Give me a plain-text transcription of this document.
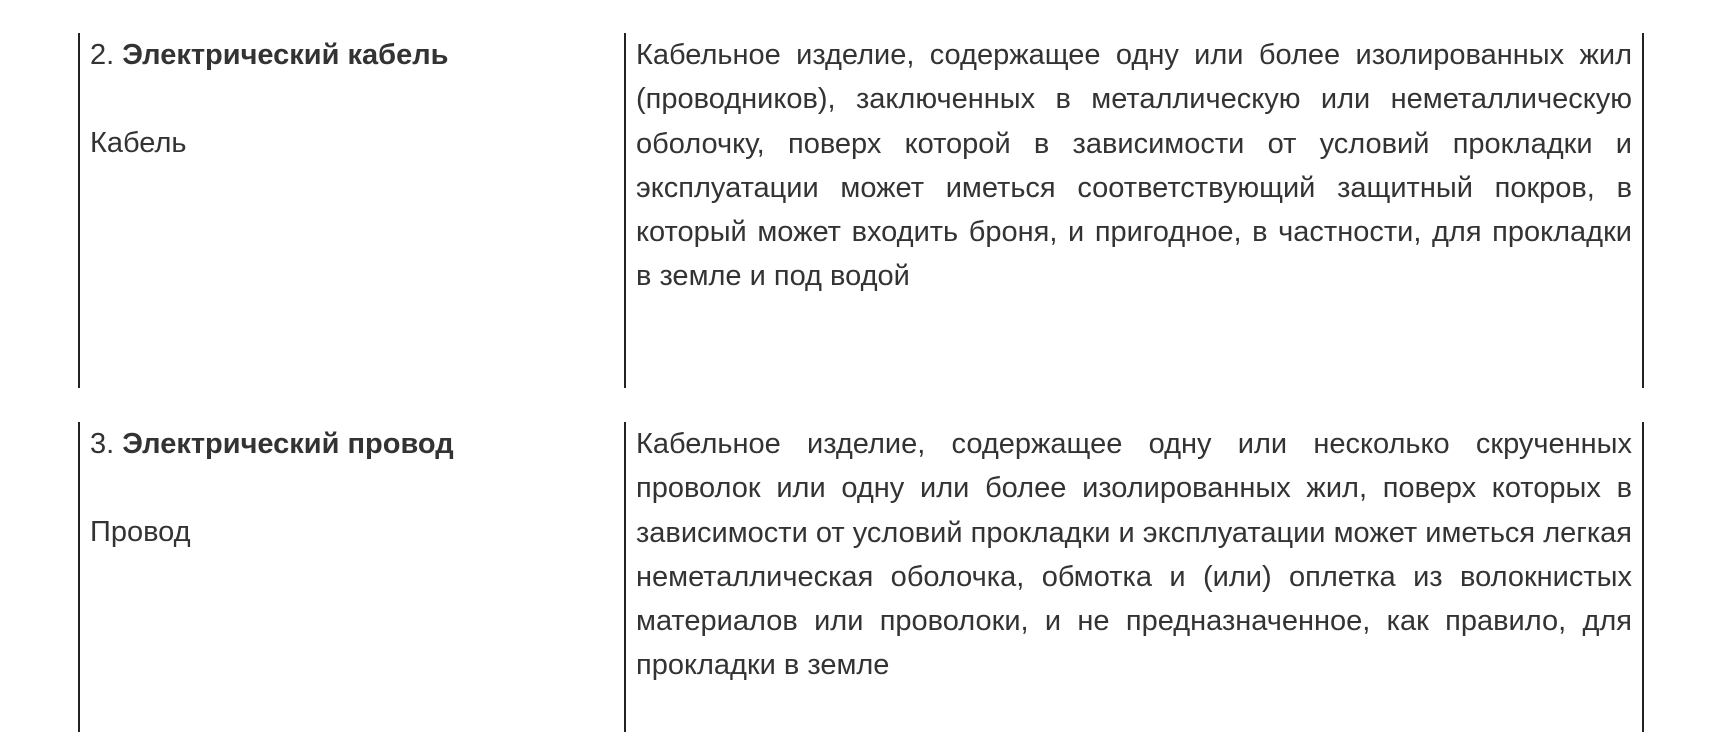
2. Электрический кабель
Кабель
Кабельное изделие, содержащее одну или более изолированных жил (проводников), заключенных в металлическую или неметаллическую оболочку, поверх которой в зависимости от условий прокладки и эксплуатации может иметься соответствующий защитный покров, в который может входить броня, и пригодное, в частности, для прокладки в земле и под водой
3. Электрический провод
Провод
Кабельное изделие, содержащее одну или несколько скрученных проволок или одну или более изолированных жил, поверх которых в зависимости от условий прокладки и эксплуатации может иметься легкая неметаллическая оболочка, обмотка и (или) оплетка из волокнистых материалов или проволоки, и не предназначенное, как правило, для прокладки в земле
